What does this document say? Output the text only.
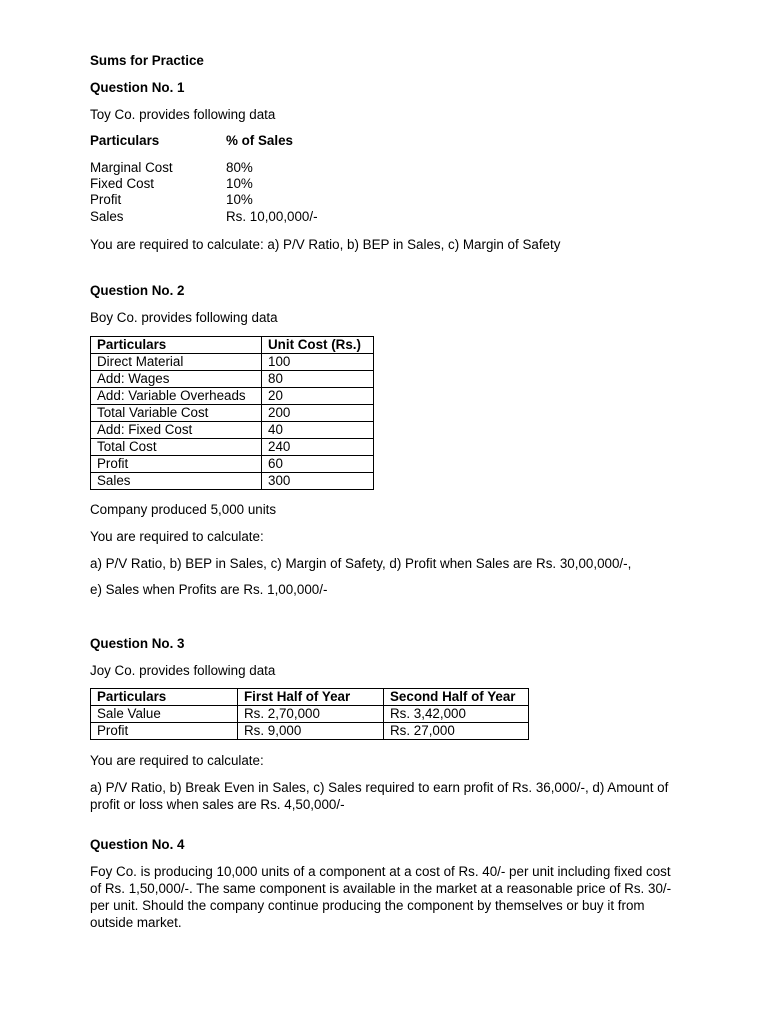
Sums for Practice
Question No. 1
Toy Co. provides following data
Particulars	% of Sales
Marginal Cost	80%
Fixed Cost	10%
Profit	10%
Sales	Rs. 10,00,000/-
You are required to calculate: a) P/V Ratio, b) BEP in Sales, c) Margin of Safety
Question No. 2
Boy Co. provides following data
Particulars	Unit Cost (Rs.)
Direct Material	100
Add: Wages	80
Add: Variable Overheads	20
Total Variable Cost	200
Add: Fixed Cost	40
Total Cost	240
Profit	60
Sales	300
Company produced 5,000 units
You are required to calculate:
a) P/V Ratio, b) BEP in Sales, c) Margin of Safety, d) Profit when Sales are Rs. 30,00,000/-,
e) Sales when Profits are Rs. 1,00,000/-
Question No. 3
Joy Co. provides following data
Particulars	First Half of Year	Second Half of Year
Sale Value	Rs. 2,70,000	Rs. 3,42,000
Profit	Rs. 9,000	Rs. 27,000
You are required to calculate:
a) P/V Ratio, b) Break Even in Sales, c) Sales required to earn profit of Rs. 36,000/-, d) Amount of profit or loss when sales are Rs. 4,50,000/-
Question No. 4
Foy Co. is producing 10,000 units of a component at a cost of Rs. 40/- per unit including fixed cost of Rs. 1,50,000/-. The same component is available in the market at a reasonable price of Rs. 30/- per unit. Should the company continue producing the component by themselves or buy it from outside market.
